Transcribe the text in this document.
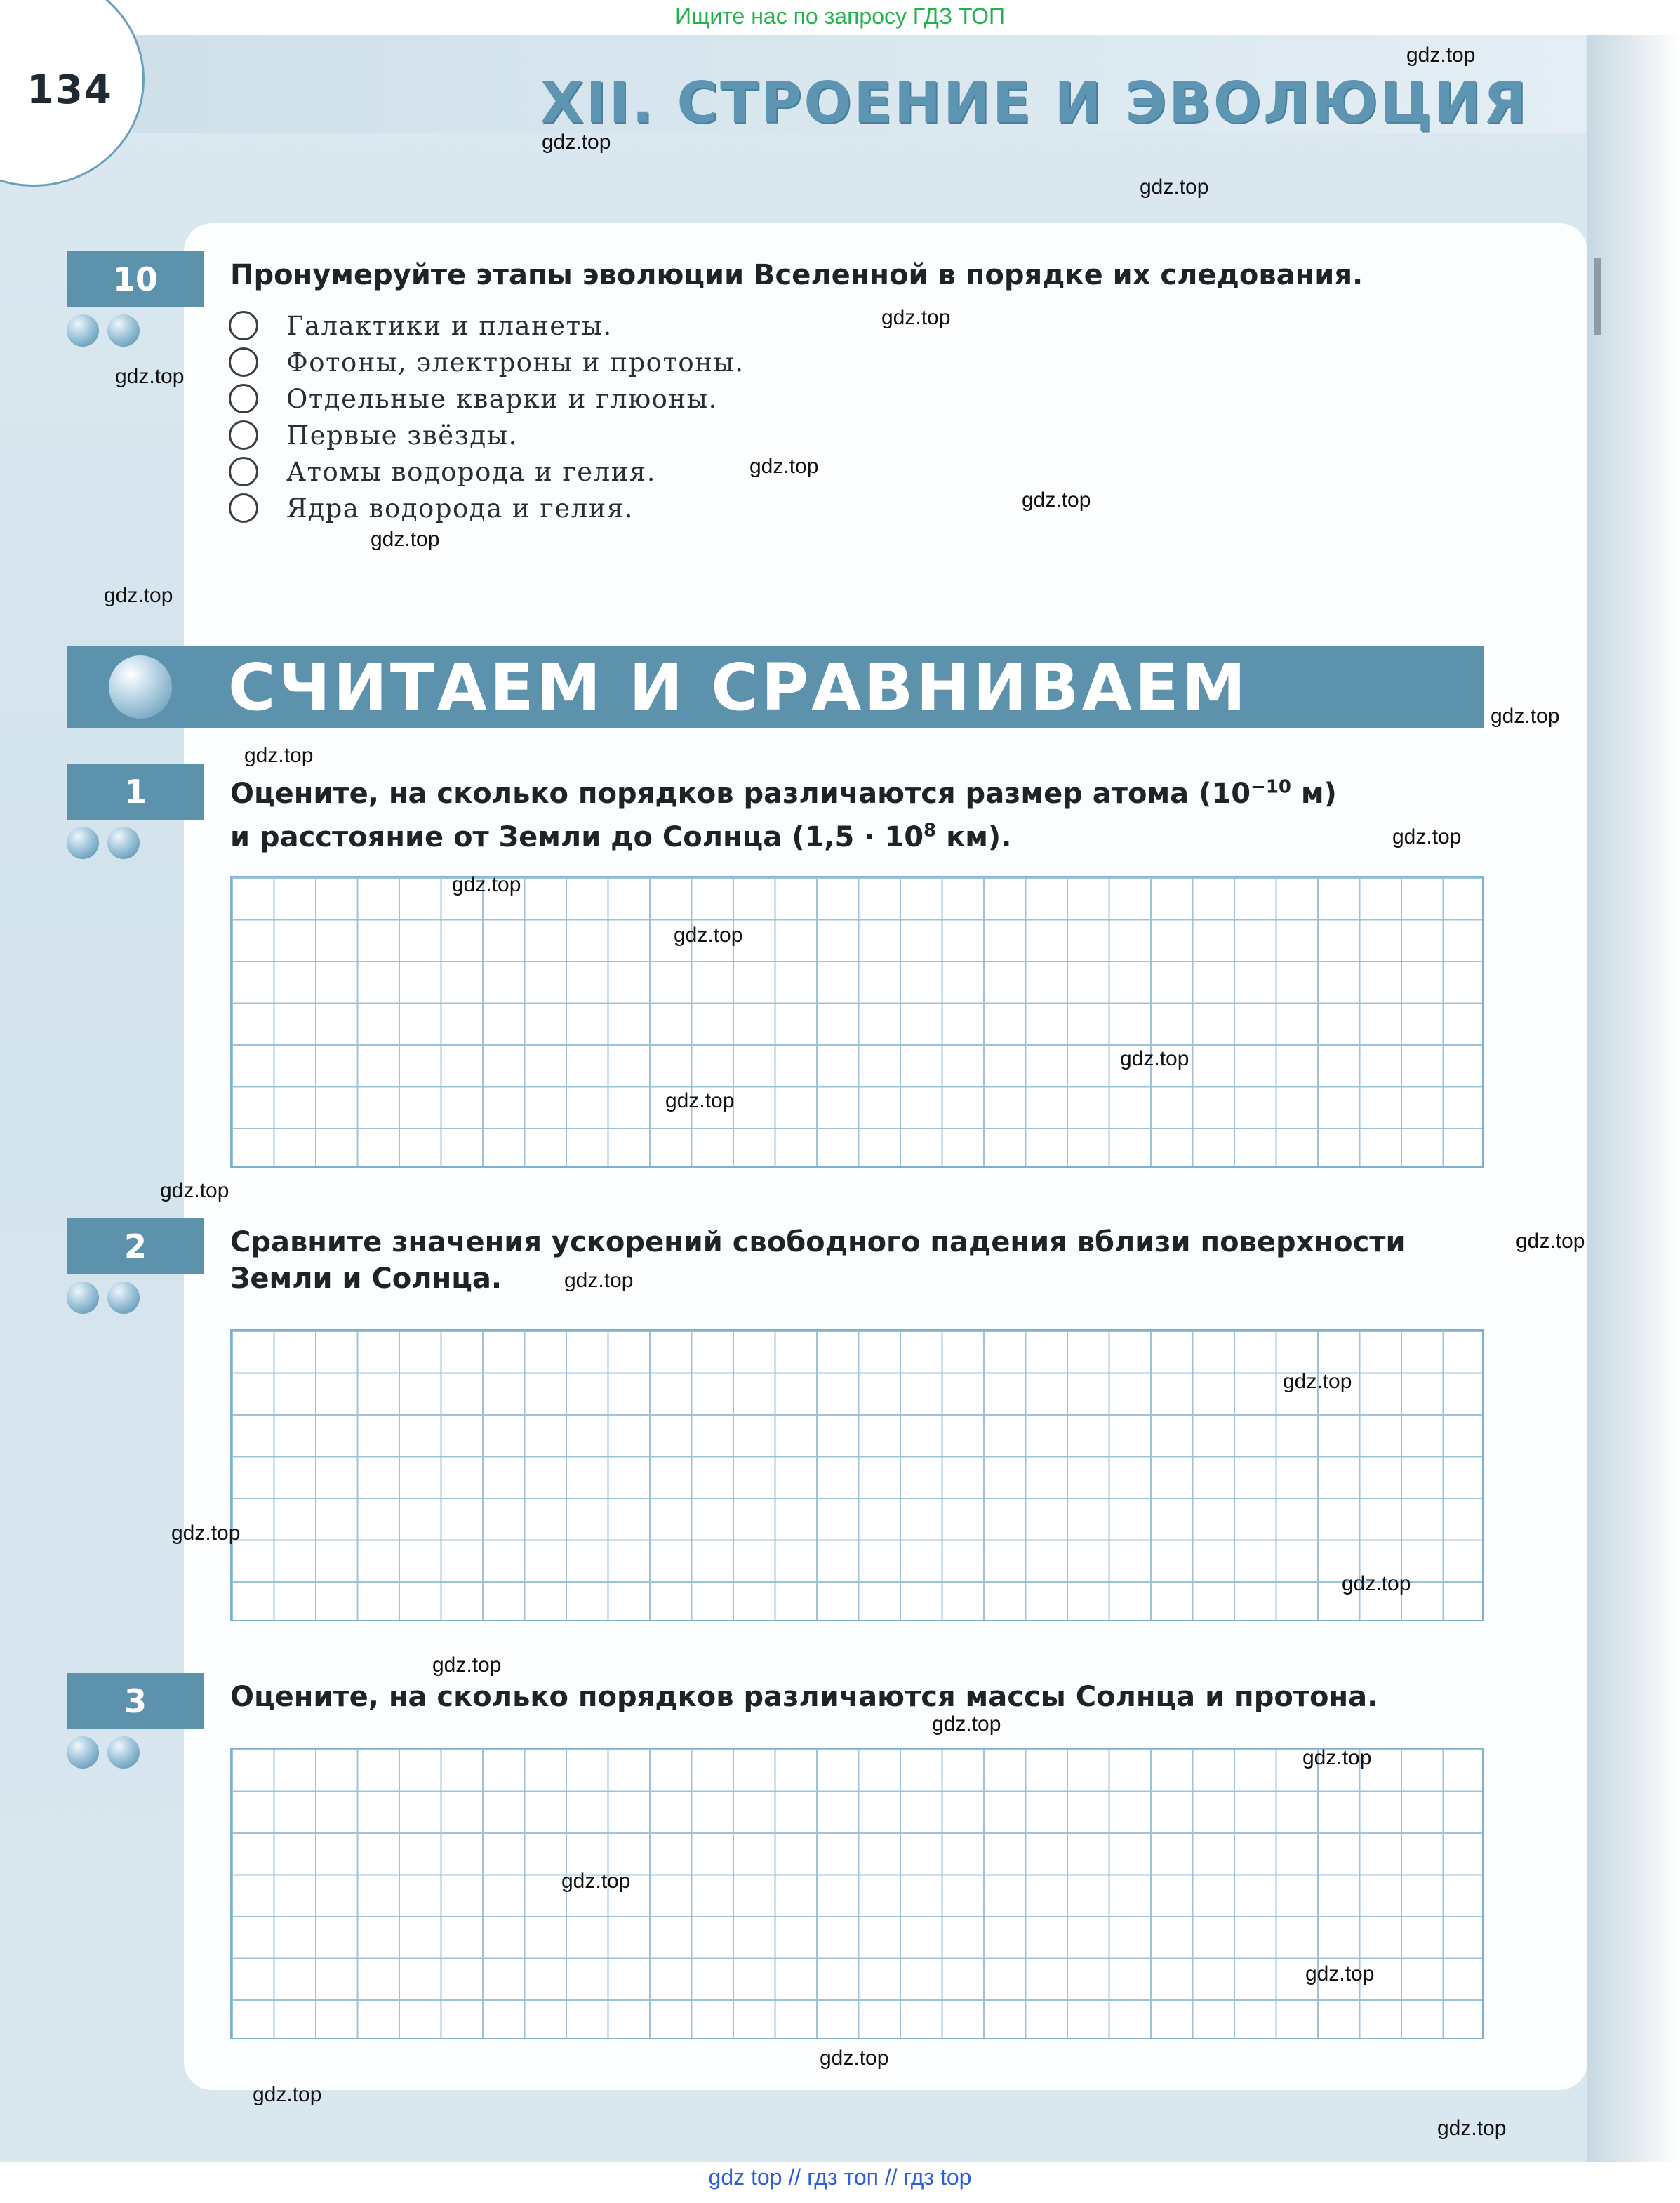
Ищите нас по запросу ГДЗ ТОП
134	XII. СТРОЕНИЕ И ЭВОЛЮЦИЯ
10	Пронумеруйте этапы эволюции Вселенной в порядке их следования.
Галактики и планеты.
Фотоны, электроны и протоны.
Отдельные кварки и глюоны.
Первые звёзды.
Атомы водорода и гелия.
Ядра водорода и гелия.
СЧИТАЕМ И СРАВНИВАЕМ
1	Оцените, на сколько порядков различаются размер атома ($10^{-10}$ м)
и расстояние от Земли до Солнца ($1,5 \cdot 10^8$ км).
2	Сравните значения ускорений свободного падения вблизи поверхности
Земли и Солнца.
3	Оцените, на сколько порядков различаются массы Солнца и протона.
gdz.top
gdz.top
gdz.top
gdz.top
gdz.top
gdz.top
gdz.top
gdz.top
gdz.top
gdz.top
gdz.top
gdz.top
gdz.top
gdz.top
gdz.top
gdz.top
gdz.top
gdz.top
gdz.top
gdz.top
gdz.top
gdz.top
gdz.top
gdz.top
gdz.top
gdz.top
gdz.top
gdz.top
gdz.top
gdz.top
gdz top // гдз топ // гдз top
